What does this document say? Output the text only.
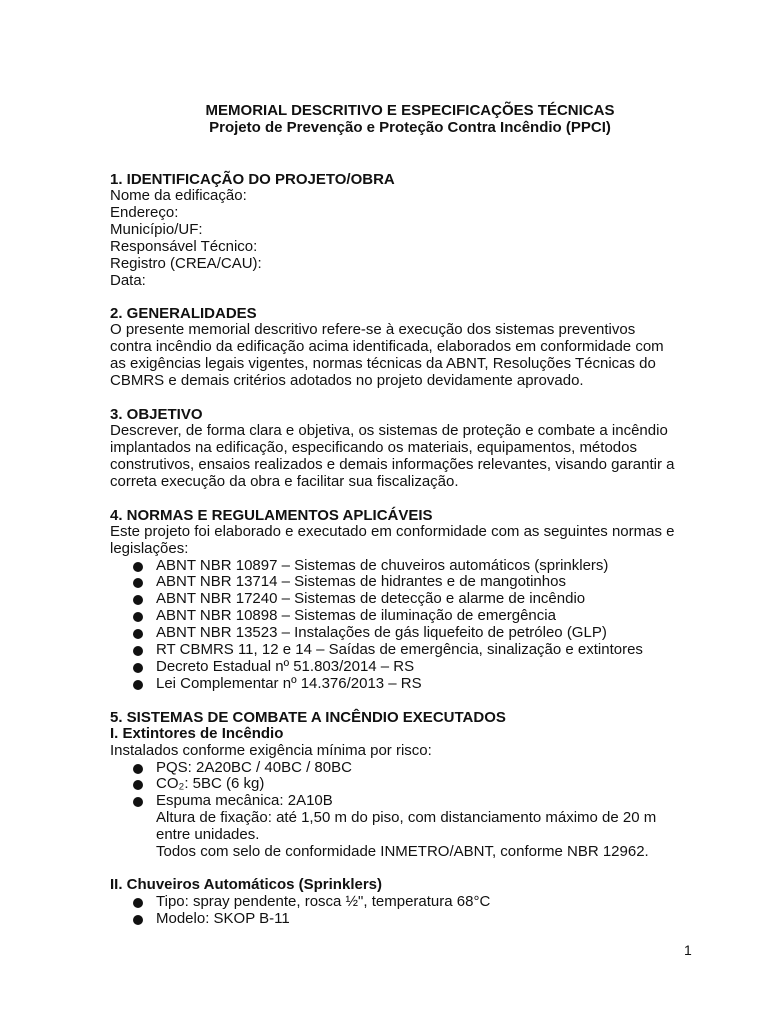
MEMORIAL DESCRITIVO E ESPECIFICAÇÕES TÉCNICAS
Projeto de Prevenção e Proteção Contra Incêndio (PPCI)
1. IDENTIFICAÇÃO DO PROJETO/OBRA
Nome da edificação:
Endereço:
Município/UF:
Responsável Técnico:
Registro (CREA/CAU):
Data:
2. GENERALIDADES
O presente memorial descritivo refere-se à execução dos sistemas preventivos
contra incêndio da edificação acima identificada, elaborados em conformidade com
as exigências legais vigentes, normas técnicas da ABNT, Resoluções Técnicas do
CBMRS e demais critérios adotados no projeto devidamente aprovado.
3. OBJETIVO
Descrever, de forma clara e objetiva, os sistemas de proteção e combate a incêndio
implantados na edificação, especificando os materiais, equipamentos, métodos
construtivos, ensaios realizados e demais informações relevantes, visando garantir a
correta execução da obra e facilitar sua fiscalização.
4. NORMAS E REGULAMENTOS APLICÁVEIS
Este projeto foi elaborado e executado em conformidade com as seguintes normas e
legislações:
ABNT NBR 10897 – Sistemas de chuveiros automáticos (sprinklers)
ABNT NBR 13714 – Sistemas de hidrantes e de mangotinhos
ABNT NBR 17240 – Sistemas de detecção e alarme de incêndio
ABNT NBR 10898 – Sistemas de iluminação de emergência
ABNT NBR 13523 – Instalações de gás liquefeito de petróleo (GLP)
RT CBMRS 11, 12 e 14 – Saídas de emergência, sinalização e extintores
Decreto Estadual nº 51.803/2014 – RS
Lei Complementar nº 14.376/2013 – RS
5. SISTEMAS DE COMBATE A INCÊNDIO EXECUTADOS
I. Extintores de Incêndio
Instalados conforme exigência mínima por risco:
PQS: 2A20BC / 40BC / 80BC
CO₂: 5BC (6 kg)
Espuma mecânica: 2A10B
Altura de fixação: até 1,50 m do piso, com distanciamento máximo de 20 m
entre unidades.
Todos com selo de conformidade INMETRO/ABNT, conforme NBR 12962.
II. Chuveiros Automáticos (Sprinklers)
Tipo: spray pendente, rosca ½", temperatura 68°C
Modelo: SKOP B-11
1
